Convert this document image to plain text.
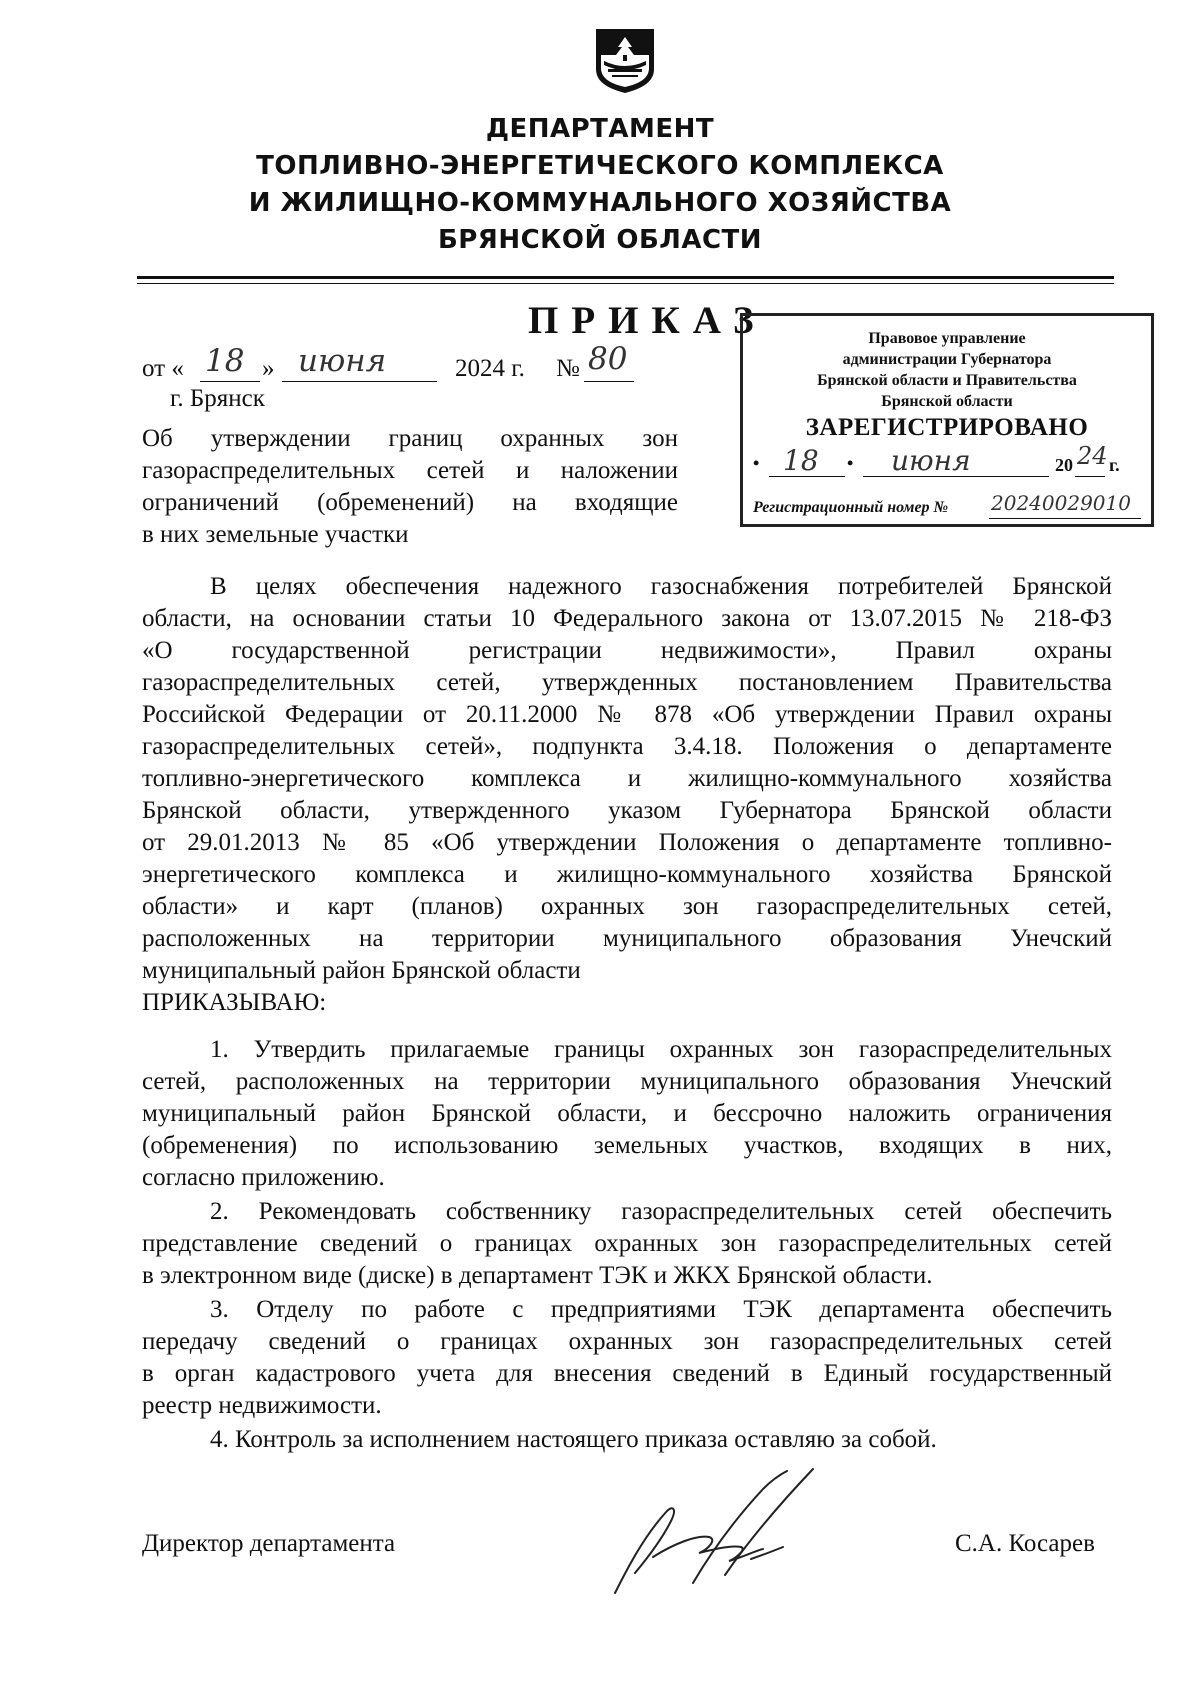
ДЕПАРТАМЕНТ
ТОПЛИВНО-ЭНЕРГЕТИЧЕСКОГО КОМПЛЕКСА
И ЖИЛИЩНО-КОММУНАЛЬНОГО ХОЗЯЙСТВА
БРЯНСКОЙ ОБЛАСТИ
ПРИКАЗ
от « 18 » июня	2024 г. № 80
г. Брянск
Об утверждении границ охранных зон
газораспределительных сетей и наложении
ограничений (обременений) на входящие
в них земельные участки
Правовое управление
администрации Губернатора
Брянской области и Правительства
Брянской области
ЗАРЕГИСТРИРОВАНО
• 18 • июня	20 24 г.
Регистрационный номер № 20240029010
В целях обеспечения надежного газоснабжения потребителей Брянской
области, на основании статьи 10 Федерального закона от 13.07.2015 № 218-ФЗ
«О государственной регистрации недвижимости», Правил охраны
газораспределительных сетей, утвержденных постановлением Правительства
Российской Федерации от 20.11.2000 № 878 «Об утверждении Правил охраны
газораспределительных сетей», подпункта 3.4.18. Положения о департаменте
топливно-энергетического комплекса и жилищно-коммунального хозяйства
Брянской области, утвержденного указом Губернатора Брянской области
от 29.01.2013 № 85 «Об утверждении Положения о департаменте топливно-
энергетического комплекса и жилищно-коммунального хозяйства Брянской
области» и карт (планов) охранных зон газораспределительных сетей,
расположенных на территории муниципального образования Унечский
муниципальный район Брянской области
ПРИКАЗЫВАЮ:
1. Утвердить прилагаемые границы охранных зон газораспределительных
сетей, расположенных на территории муниципального образования Унечский
муниципальный район Брянской области, и бессрочно наложить ограничения
(обременения) по использованию земельных участков, входящих в них,
согласно приложению.
2. Рекомендовать собственнику газораспределительных сетей обеспечить
представление сведений о границах охранных зон газораспределительных сетей
в электронном виде (диске) в департамент ТЭК и ЖКХ Брянской области.
3. Отделу по работе с предприятиями ТЭК департамента обеспечить
передачу сведений о границах охранных зон газораспределительных сетей
в орган кадастрового учета для внесения сведений в Единый государственный
реестр недвижимости.
4. Контроль за исполнением настоящего приказа оставляю за собой.
Директор департамента	С.А. Косарев
